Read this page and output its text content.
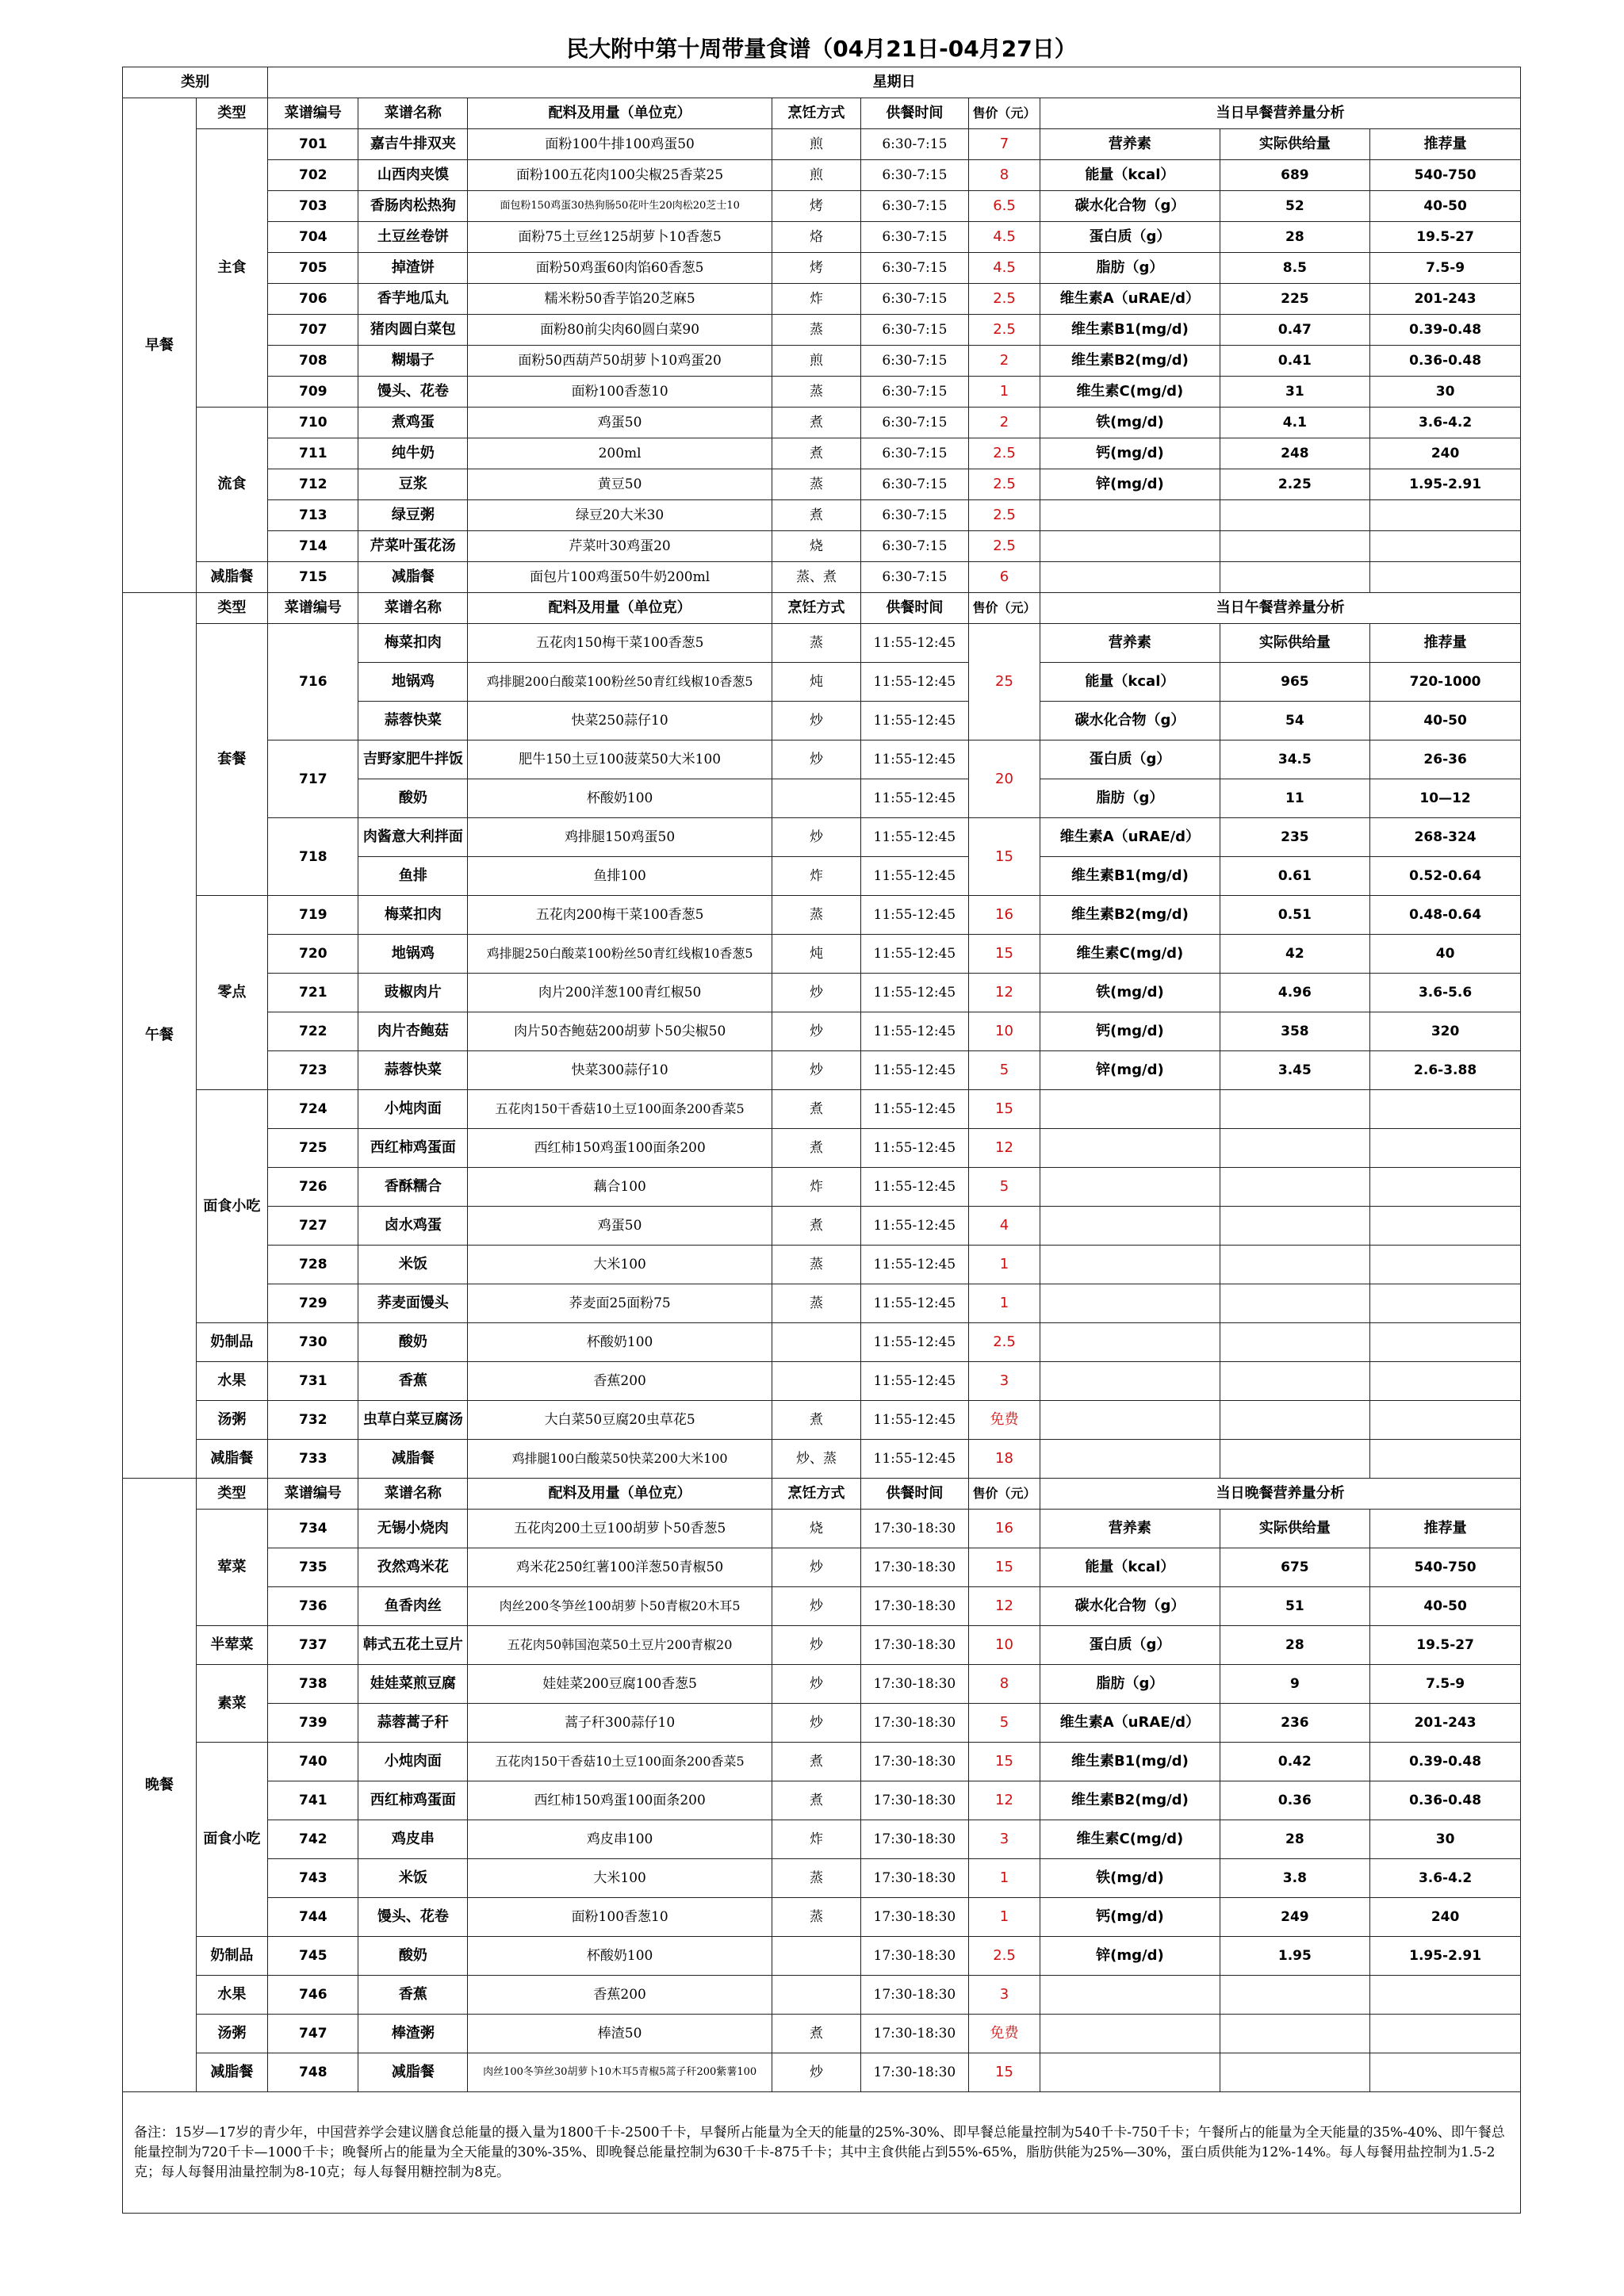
民大附中第十周带量食谱（04月21日-04月27日）
类别		星期日								
早餐	类型	菜谱编号	菜谱名称	配料及用量（单位克）	烹饪方式	供餐时间	售价（元）	当日早餐营养量分析		
	主食	701	嘉吉牛排双夹	面粉100牛排100鸡蛋50	煎	6:30-7:15	7	营养素	实际供给量	推荐量
		702	山西肉夹馍	面粉100五花肉100尖椒25香菜25	煎	6:30-7:15	8	能量（kcal）	689	540-750
		703	香肠肉松热狗	面包粉150鸡蛋30热狗肠50花叶生20肉松20芝士10	烤	6:30-7:15	6.5	碳水化合物（g）	52	40-50
		704	土豆丝卷饼	面粉75土豆丝125胡萝卜10香葱5	烙	6:30-7:15	4.5	蛋白质（g）	28	19.5-27
		705	掉渣饼	面粉50鸡蛋60肉馅60香葱5	烤	6:30-7:15	4.5	脂肪（g）	8.5	7.5-9
		706	香芋地瓜丸	糯米粉50香芋馅20芝麻5	炸	6:30-7:15	2.5	维生素A（uRAE/d）	225	201-243
		707	猪肉圆白菜包	面粉80前尖肉60圆白菜90	蒸	6:30-7:15	2.5	维生素B1(mg/d)	0.47	0.39-0.48
		708	糊塌子	面粉50西葫芦50胡萝卜10鸡蛋20	煎	6:30-7:15	2	维生素B2(mg/d)	0.41	0.36-0.48
		709	馒头、花卷	面粉100香葱10	蒸	6:30-7:15	1	维生素C(mg/d)	31	30
	流食	710	煮鸡蛋	鸡蛋50	煮	6:30-7:15	2	铁(mg/d)	4.1	3.6-4.2
		711	纯牛奶	200ml	煮	6:30-7:15	2.5	钙(mg/d)	248	240
		712	豆浆	黄豆50	蒸	6:30-7:15	2.5	锌(mg/d)	2.25	1.95-2.91
		713	绿豆粥	绿豆20大米30	煮	6:30-7:15	2.5			
		714	芹菜叶蛋花汤	芹菜叶30鸡蛋20	烧	6:30-7:15	2.5			
	减脂餐	715	减脂餐	面包片100鸡蛋50牛奶200ml	蒸、煮	6:30-7:15	6			
午餐	类型	菜谱编号	菜谱名称	配料及用量（单位克）	烹饪方式	供餐时间	售价（元）	当日午餐营养量分析		
	套餐	716	梅菜扣肉	五花肉150梅干菜100香葱5	蒸	11:55-12:45	25	营养素	实际供给量	推荐量
			地锅鸡	鸡排腿200白酸菜100粉丝50青红线椒10香葱5	炖	11:55-12:45		能量（kcal）	965	720-1000
			蒜蓉快菜	快菜250蒜仔10	炒	11:55-12:45		碳水化合物（g）	54	40-50
		717	吉野家肥牛拌饭	肥牛150土豆100菠菜50大米100	炒	11:55-12:45	20	蛋白质（g）	34.5	26-36
			酸奶	杯酸奶100		11:55-12:45		脂肪（g）	11	10—12
		718	肉酱意大利拌面	鸡排腿150鸡蛋50	炒	11:55-12:45	15	维生素A（uRAE/d）	235	268-324
			鱼排	鱼排100	炸	11:55-12:45		维生素B1(mg/d)	0.61	0.52-0.64
	零点	719	梅菜扣肉	五花肉200梅干菜100香葱5	蒸	11:55-12:45	16	维生素B2(mg/d)	0.51	0.48-0.64
		720	地锅鸡	鸡排腿250白酸菜100粉丝50青红线椒10香葱5	炖	11:55-12:45	15	维生素C(mg/d)	42	40
		721	豉椒肉片	肉片200洋葱100青红椒50	炒	11:55-12:45	12	铁(mg/d)	4.96	3.6-5.6
		722	肉片杏鲍菇	肉片50杏鲍菇200胡萝卜50尖椒50	炒	11:55-12:45	10	钙(mg/d)	358	320
		723	蒜蓉快菜	快菜300蒜仔10	炒	11:55-12:45	5	锌(mg/d)	3.45	2.6-3.88
	面食小吃	724	小炖肉面	五花肉150干香菇10土豆100面条200香菜5	煮	11:55-12:45	15			
		725	西红柿鸡蛋面	西红柿150鸡蛋100面条200	煮	11:55-12:45	12			
		726	香酥糯合	藕合100	炸	11:55-12:45	5			
		727	卤水鸡蛋	鸡蛋50	煮	11:55-12:45	4			
		728	米饭	大米100	蒸	11:55-12:45	1			
		729	荞麦面馒头	荞麦面25面粉75	蒸	11:55-12:45	1			
	奶制品	730	酸奶	杯酸奶100		11:55-12:45	2.5			
	水果	731	香蕉	香蕉200		11:55-12:45	3			
	汤粥	732	虫草白菜豆腐汤	大白菜50豆腐20虫草花5	煮	11:55-12:45	免费			
	减脂餐	733	减脂餐	鸡排腿100白酸菜50快菜200大米100	炒、蒸	11:55-12:45	18			
晚餐	类型	菜谱编号	菜谱名称	配料及用量（单位克）	烹饪方式	供餐时间	售价（元）	当日晚餐营养量分析		
	荤菜	734	无锡小烧肉	五花肉200土豆100胡萝卜50香葱5	烧	17:30-18:30	16	营养素	实际供给量	推荐量
		735	孜然鸡米花	鸡米花250红薯100洋葱50青椒50	炒	17:30-18:30	15	能量（kcal）	675	540-750
		736	鱼香肉丝	肉丝200冬笋丝100胡萝卜50青椒20木耳5	炒	17:30-18:30	12	碳水化合物（g）	51	40-50
	半荤菜	737	韩式五花土豆片	五花肉50韩国泡菜50土豆片200青椒20	炒	17:30-18:30	10	蛋白质（g）	28	19.5-27
	素菜	738	娃娃菜煎豆腐	娃娃菜200豆腐100香葱5	炒	17:30-18:30	8	脂肪（g）	9	7.5-9
		739	蒜蓉蒿子秆	蒿子秆300蒜仔10	炒	17:30-18:30	5	维生素A（uRAE/d）	236	201-243
	面食小吃	740	小炖肉面	五花肉150干香菇10土豆100面条200香菜5	煮	17:30-18:30	15	维生素B1(mg/d)	0.42	0.39-0.48
		741	西红柿鸡蛋面	西红柿150鸡蛋100面条200	煮	17:30-18:30	12	维生素B2(mg/d)	0.36	0.36-0.48
		742	鸡皮串	鸡皮串100	炸	17:30-18:30	3	维生素C(mg/d)	28	30
		743	米饭	大米100	蒸	17:30-18:30	1	铁(mg/d)	3.8	3.6-4.2
		744	馒头、花卷	面粉100香葱10	蒸	17:30-18:30	1	钙(mg/d)	249	240
	奶制品	745	酸奶	杯酸奶100		17:30-18:30	2.5	锌(mg/d)	1.95	1.95-2.91
	水果	746	香蕉	香蕉200		17:30-18:30	3			
	汤粥	747	棒渣粥	棒渣50	煮	17:30-18:30	免费			
	减脂餐	748	减脂餐	肉丝100冬笋丝30胡萝卜10木耳5青椒5蒿子秆200紫薯100	炒	17:30-18:30	15			
备注：15岁—17岁的青少年，中国营养学会建议膳食总能量的摄入量为1800千卡-2500千卡，早餐所占能量为全天的能量的25%-30%、即早餐总能量控制为540千卡-750千卡；午餐所占的能量为全天能量的35%-40%、即午餐总能量控制为720千卡—1000千卡；晚餐所占的能量为全天能量的30%-35%、即晚餐总能量控制为630千卡-875千卡；其中主食供能占到55%-65%，脂肪供能为25%—30%，蛋白质供能为12%-14%。每人每餐用盐控制为1.5-2克；每人每餐用油量控制为8-10克；每人每餐用糖控制为8克。										
